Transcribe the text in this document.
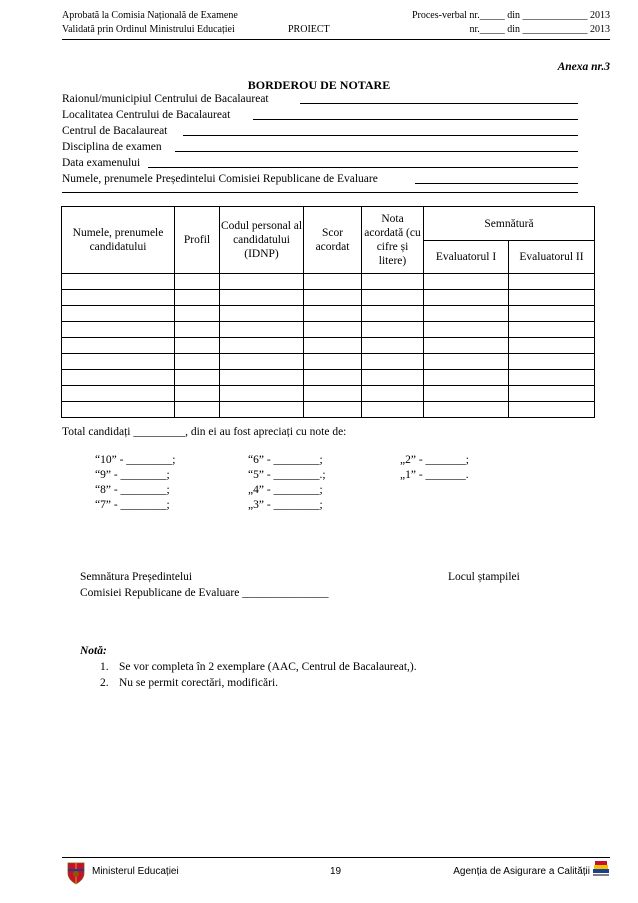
Aprobată la Comisia Națională de Examene
Validată prin Ordinul Ministrului Educației	PROIECT
Proces-verbal nr._____ din _____________ 2013
nr._____ din _____________ 2013
Anexa nr.3
BORDEROU DE NOTARE
Raionul/municipiul Centrului de Bacalaureat
Localitatea Centrului de Bacalaureat
Centrul de Bacalaureat
Disciplina de examen
Data examenului
Numele, prenumele Președintelui Comisiei Republicane de Evaluare
Numele, prenumele candidatului	Profil	Codul personal al candidatului (IDNP)	Scor acordat	Nota acordată (cu cifre și litere)	Semnătură	
					Evaluatorul I	Evaluatorul II

Total candidați _________, din ei au fost apreciați cu note de:
“10” - ________;	“6” - ________;	„2” - _______;
“9” - ________;	“5” - ________.;	„1” - _______.
“8” - ________;	„4” - ________;
“7” - ________;	„3” - ________;
Semnătura Președintelui
Comisiei Republicane de Evaluare _______________
Locul ștampilei
Notă:
1. Se vor completa în 2 exemplare (AAC, Centrul de Bacalaureat,).
2. Nu se permit corectări, modificări.
Ministerul Educației	19	Agenția de Asigurare a Calității
